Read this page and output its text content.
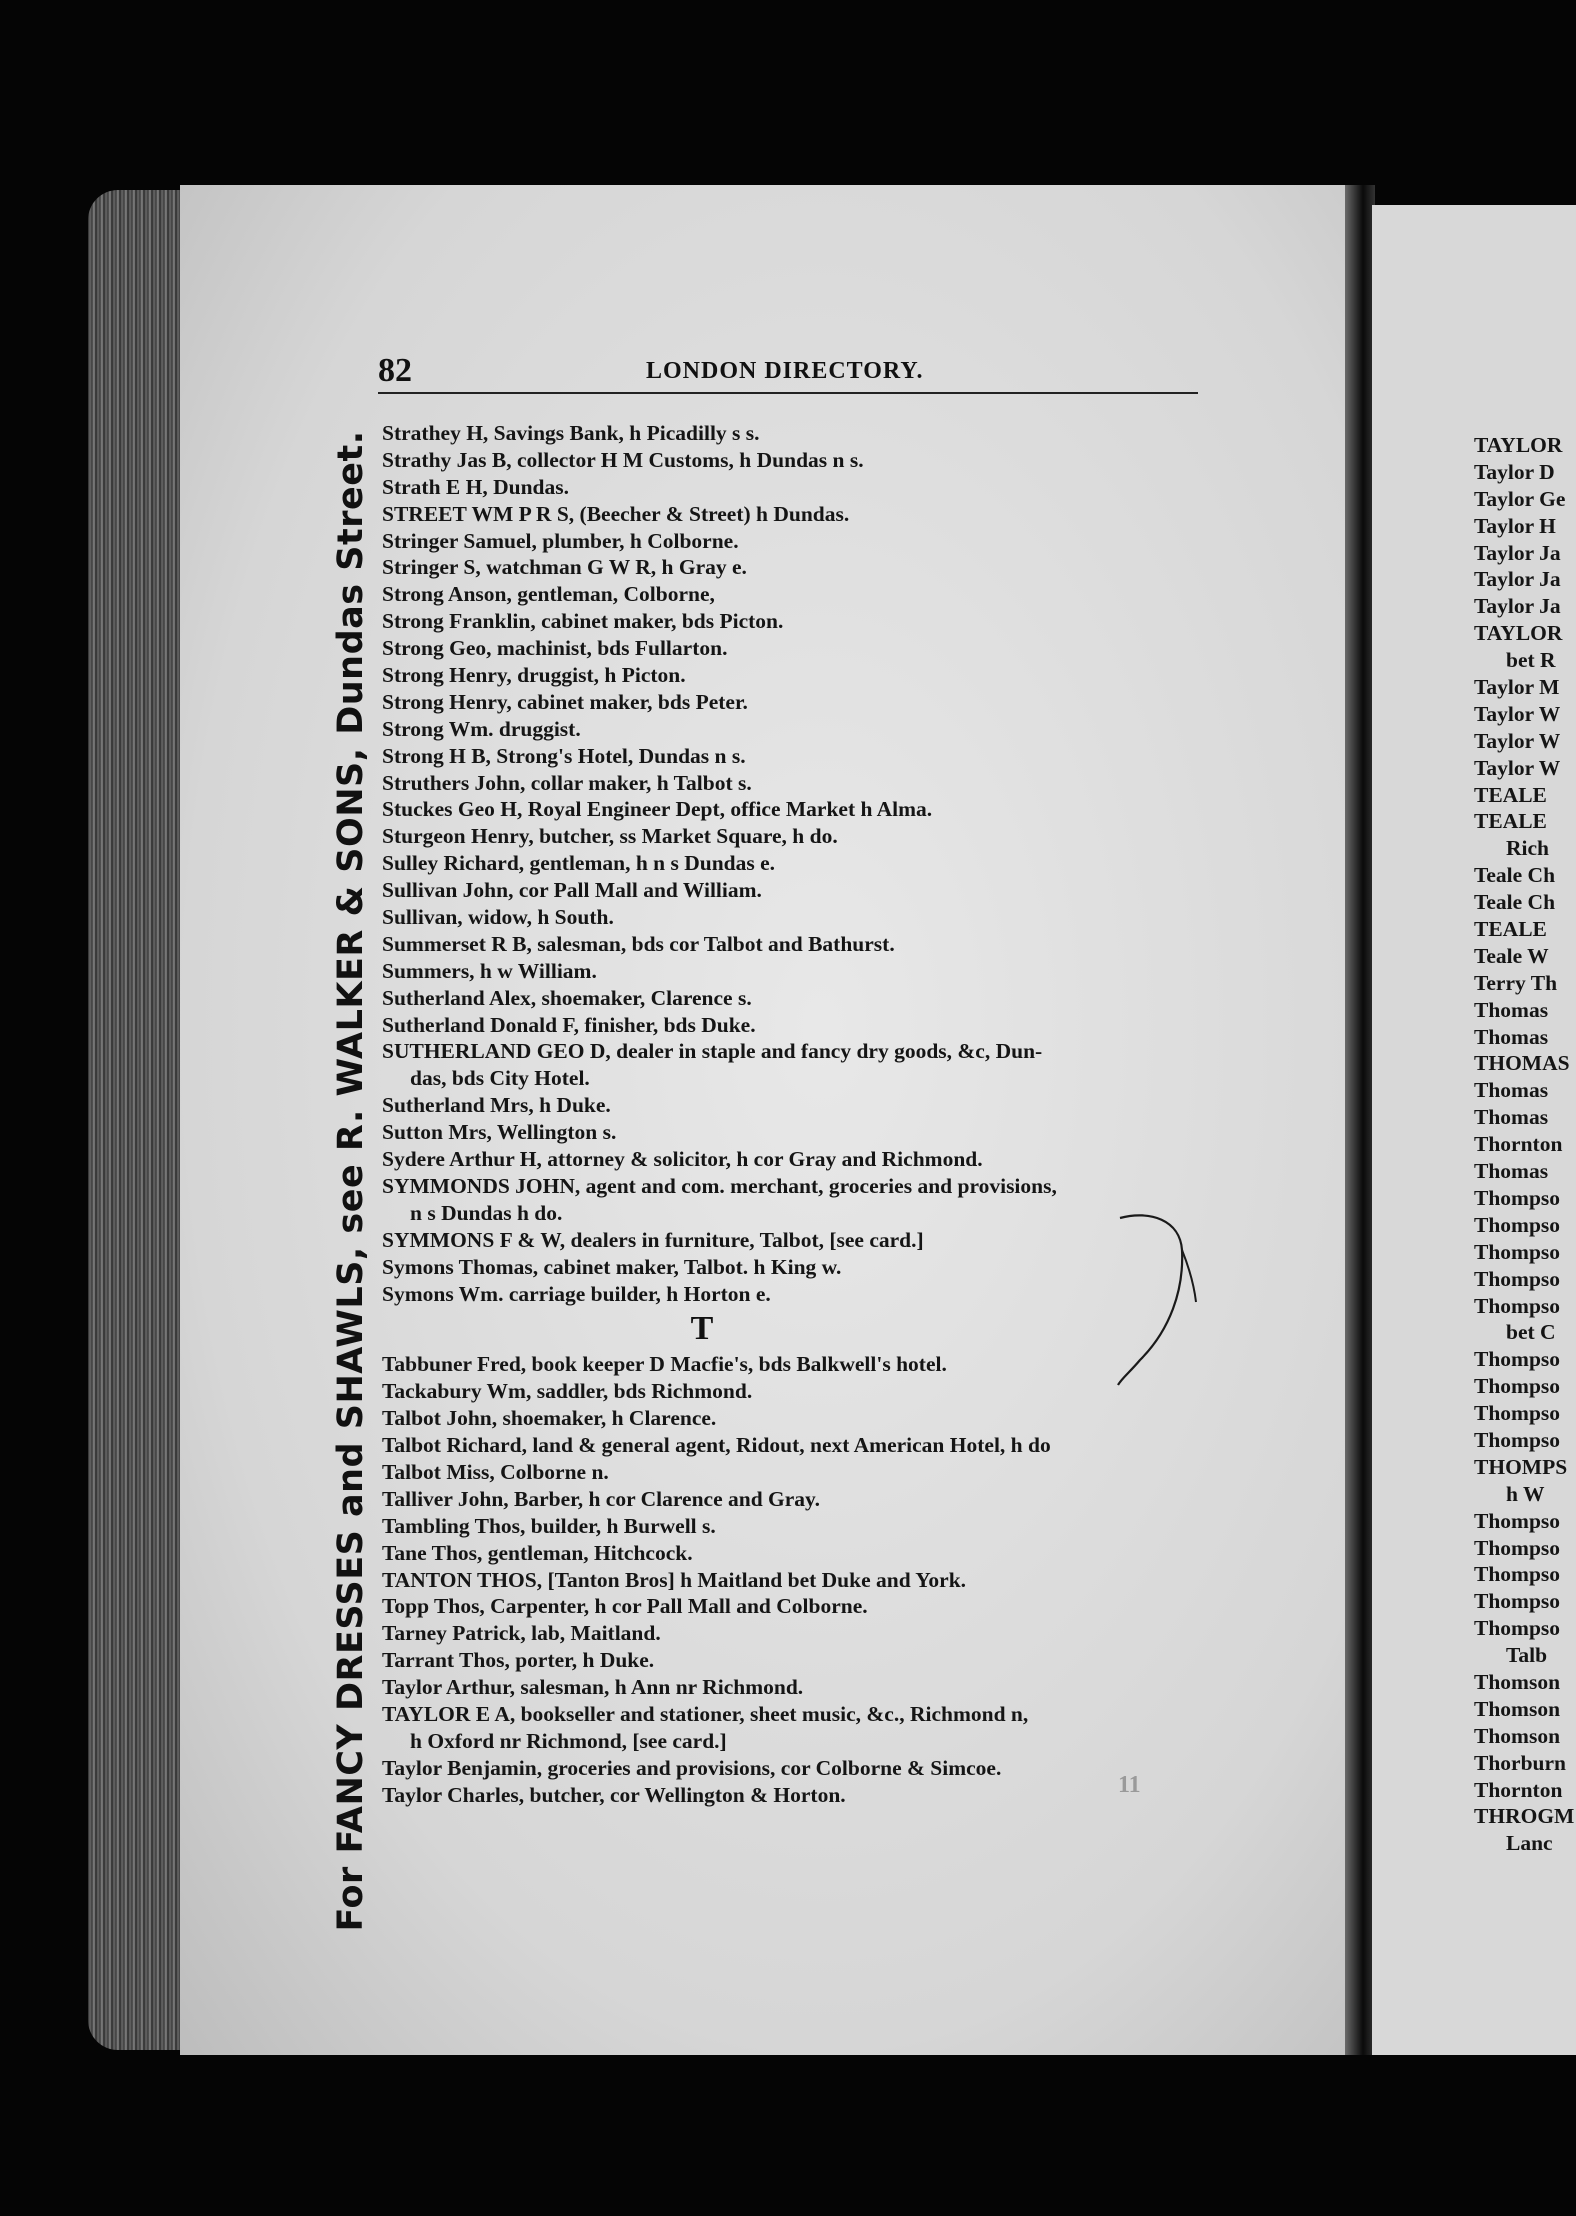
82	LONDON DIRECTORY.
For FANCY DRESSES and SHAWLS, see R. WALKER & SONS, Dundas Street. Strathey H, Savings Bank, h Picadilly s s.
Strathy Jas B, collector H M Customs, h Dundas n s.
Strath E H, Dundas.
STREET WM P R S, (Beecher & Street) h Dundas.
Stringer Samuel, plumber, h Colborne.
Stringer S, watchman G W R, h Gray e.
Strong Anson, gentleman, Colborne,
Strong Franklin, cabinet maker, bds Picton.
Strong Geo, machinist, bds Fullarton.
Strong Henry, druggist, h Picton.
Strong Henry, cabinet maker, bds Peter.
Strong Wm. druggist.
Strong H B, Strong's Hotel, Dundas n s.
Struthers John, collar maker, h Talbot s.
Stuckes Geo H, Royal Engineer Dept, office Market h Alma.
Sturgeon Henry, butcher, ss Market Square, h do.
Sulley Richard, gentleman, h n s Dundas e.
Sullivan John, cor Pall Mall and William.
Sullivan, widow, h South.
Summerset R B, salesman, bds cor Talbot and Bathurst.
Summers, h w William.
Sutherland Alex, shoemaker, Clarence s.
Sutherland Donald F, finisher, bds Duke.
SUTHERLAND GEO D, dealer in staple and fancy dry goods, &c, Dun-
das, bds City Hotel.
Sutherland Mrs, h Duke.
Sutton Mrs, Wellington s.
Sydere Arthur H, attorney & solicitor, h cor Gray and Richmond.
SYMMONDS JOHN, agent and com. merchant, groceries and provisions,
n s Dundas h do.
SYMMONS F & W, dealers in furniture, Talbot, [see card.]
Symons Thomas, cabinet maker, Talbot. h King w.
Symons Wm. carriage builder, h Horton e.
T
Tabbuner Fred, book keeper D Macfie's, bds Balkwell's hotel.
Tackabury Wm, saddler, bds Richmond.
Talbot John, shoemaker, h Clarence.
Talbot Richard, land & general agent, Ridout, next American Hotel, h do
Talbot Miss, Colborne n.
Talliver John, Barber, h cor Clarence and Gray.
Tambling Thos, builder, h Burwell s.
Tane Thos, gentleman, Hitchcock.
TANTON THOS, [Tanton Bros] h Maitland bet Duke and York.
Topp Thos, Carpenter, h cor Pall Mall and Colborne.
Tarney Patrick, lab, Maitland.
Tarrant Thos, porter, h Duke.
Taylor Arthur, salesman, h Ann nr Richmond.
TAYLOR E A, bookseller and stationer, sheet music, &c., Richmond n,
h Oxford nr Richmond, [see card.]
Taylor Benjamin, groceries and provisions, cor Colborne & Simcoe.
Taylor Charles, butcher, cor Wellington & Horton.
TAYLOR
Taylor D
Taylor Ge
Taylor H
Taylor Ja
Taylor Ja
Taylor Ja
TAYLOR
bet R
Taylor M
Taylor W
Taylor W
Taylor W
TEALE
TEALE
Rich
Teale Ch
Teale Ch
TEALE
Teale W
Terry Th
Thomas
Thomas
THOMAS
Thomas
Thomas
Thornton
Thomas
Thompso
Thompso
Thompso
Thompso
Thompso
bet C
Thompso
Thompso
Thompso
Thompso
THOMPS
h W
Thompso
Thompso
Thompso
Thompso
Thompso
Talb
Thomson
Thomson
Thomson
Thorburn
Thornton
THROGM
Lanc
11
